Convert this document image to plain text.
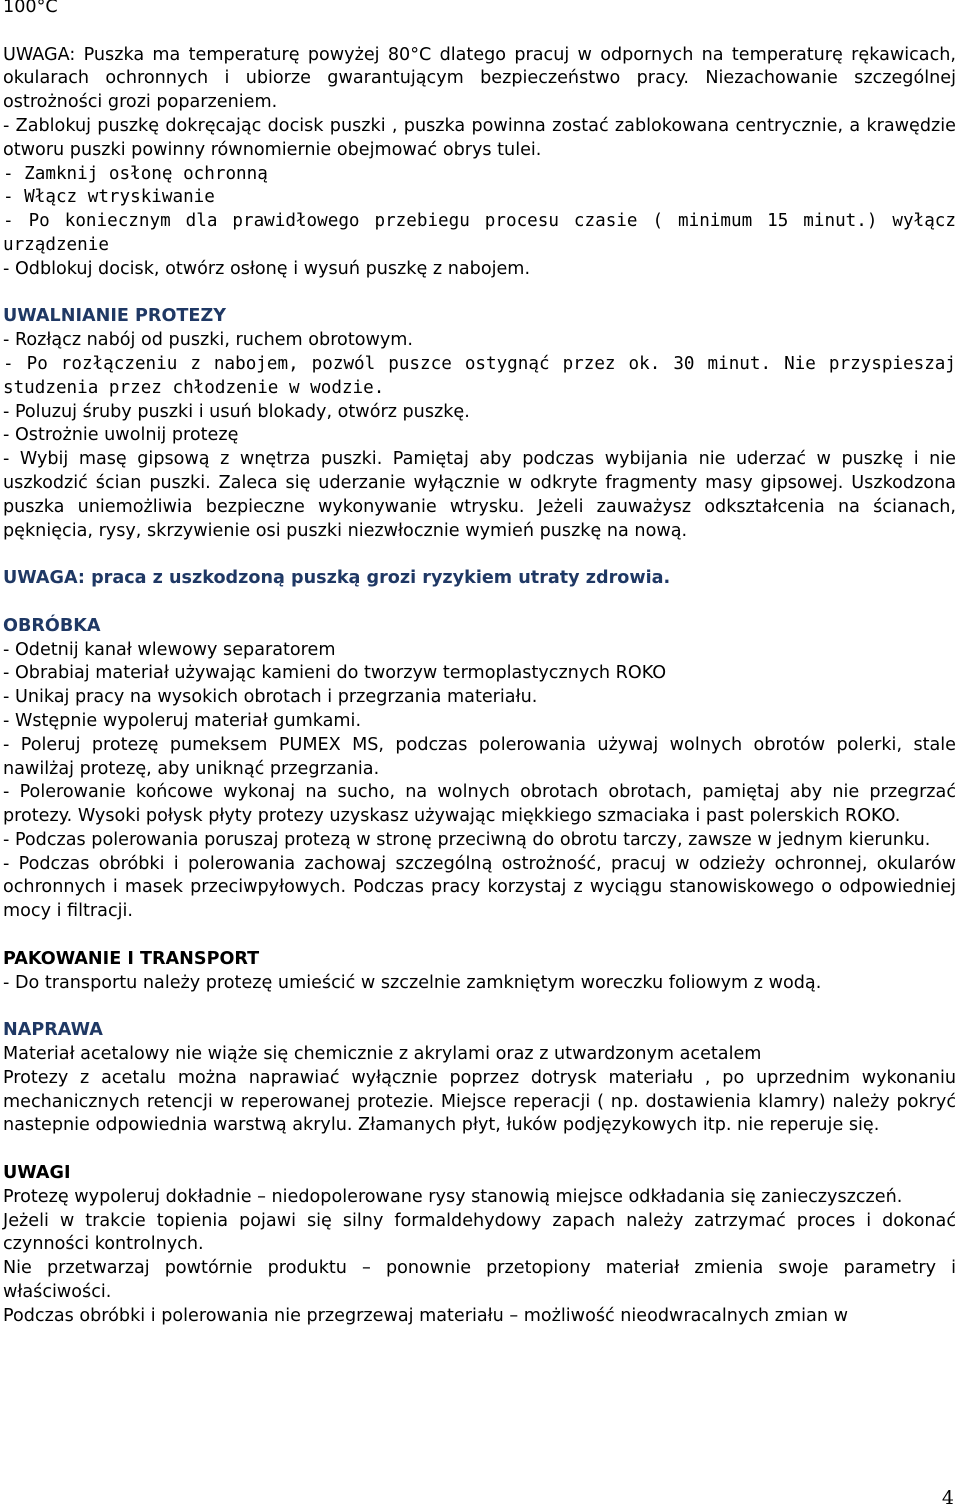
100°C

UWAGA: Puszka ma temperaturę powyżej 80°C dlatego pracuj w odpornych na temperaturę rękawicach, okularach ochronnych i ubiorze gwarantującym bezpieczeństwo pracy. Niezachowanie szczególnej ostrożności grozi poparzeniem.

- Zablokuj puszkę dokręcając docisk puszki , puszka powinna zostać zablokowana centrycznie, a krawędzie otworu puszki powinny równomiernie obejmować obrys tulei.

- Zamknij osłonę ochronną

- Włącz wtryskiwanie

- Po koniecznym dla prawidłowego przebiegu procesu czasie ( minimum 15 minut.) wyłącz urządzenie

- Odblokuj docisk, otwórz osłonę i wysuń puszkę z nabojem.

UWALNIANIE PROTEZY

- Rozłącz nabój od puszki, ruchem obrotowym.

- Po rozłączeniu z nabojem, pozwól puszce ostygnąć przez ok. 30 minut. Nie przyspieszaj studzenia przez chłodzenie w wodzie.

- Poluzuj śruby puszki i usuń blokady, otwórz puszkę.

- Ostrożnie uwolnij protezę

- Wybij masę gipsową z wnętrza puszki. Pamiętaj aby podczas wybijania nie uderzać w puszkę i nie uszkodzić ścian puszki. Zaleca się uderzanie wyłącznie w odkryte fragmenty masy gipsowej. Uszkodzona puszka uniemożliwia bezpieczne wykonywanie wtrysku. Jeżeli zauważysz odkształcenia na ścianach, pęknięcia, rysy, skrzywienie osi puszki niezwłocznie wymień puszkę na nową.

UWAGA: praca z uszkodzoną puszką grozi ryzykiem utraty zdrowia.

OBRÓBKA

- Odetnij kanał wlewowy separatorem

- Obrabiaj materiał używając kamieni do tworzyw termoplastycznych ROKO

- Unikaj pracy na wysokich obrotach i przegrzania materiału.

- Wstępnie wypoleruj materiał gumkami.

- Poleruj protezę pumeksem PUMEX MS, podczas polerowania używaj wolnych obrotów polerki, stale nawilżaj protezę, aby uniknąć przegrzania.

- Polerowanie końcowe wykonaj na sucho, na wolnych obrotach obrotach, pamiętaj aby nie przegrzać protezy. Wysoki połysk płyty protezy uzyskasz używając miękkiego szmaciaka i past polerskich ROKO.

- Podczas polerowania poruszaj protezą w stronę przeciwną do obrotu tarczy, zawsze w jednym kierunku.

- Podczas obróbki i polerowania zachowaj szczególną ostrożność, pracuj w odzieży ochronnej, okularów ochronnych i masek przeciwpyłowych. Podczas pracy korzystaj z wyciągu stanowiskowego o odpowiedniej mocy i filtracji.

PAKOWANIE I TRANSPORT

- Do transportu należy protezę umieścić w szczelnie zamkniętym woreczku foliowym z wodą.

NAPRAWA

Materiał acetalowy nie wiąże się chemicznie z akrylami oraz z utwardzonym acetalem

Protezy z acetalu można naprawiać wyłącznie poprzez dotrysk materiału , po uprzednim wykonaniu mechanicznych retencji w reperowanej protezie. Miejsce reperacji ( np. dostawienia klamry) należy pokryć nastepnie odpowiednia warstwą akrylu. Złamanych płyt, łuków podjęzykowych itp. nie reperuje się.

UWAGI

Protezę wypoleruj dokładnie – niedopolerowane rysy stanowią miejsce odkładania się zanieczyszczeń.

Jeżeli w trakcie topienia pojawi się silny formaldehydowy zapach należy zatrzymać proces i dokonać czynności kontrolnych.

Nie przetwarzaj powtórnie produktu – ponownie przetopiony materiał zmienia swoje parametry i właściwości.

Podczas obróbki i polerowania nie przegrzewaj materiału – możliwość nieodwracalnych zmian w

4
